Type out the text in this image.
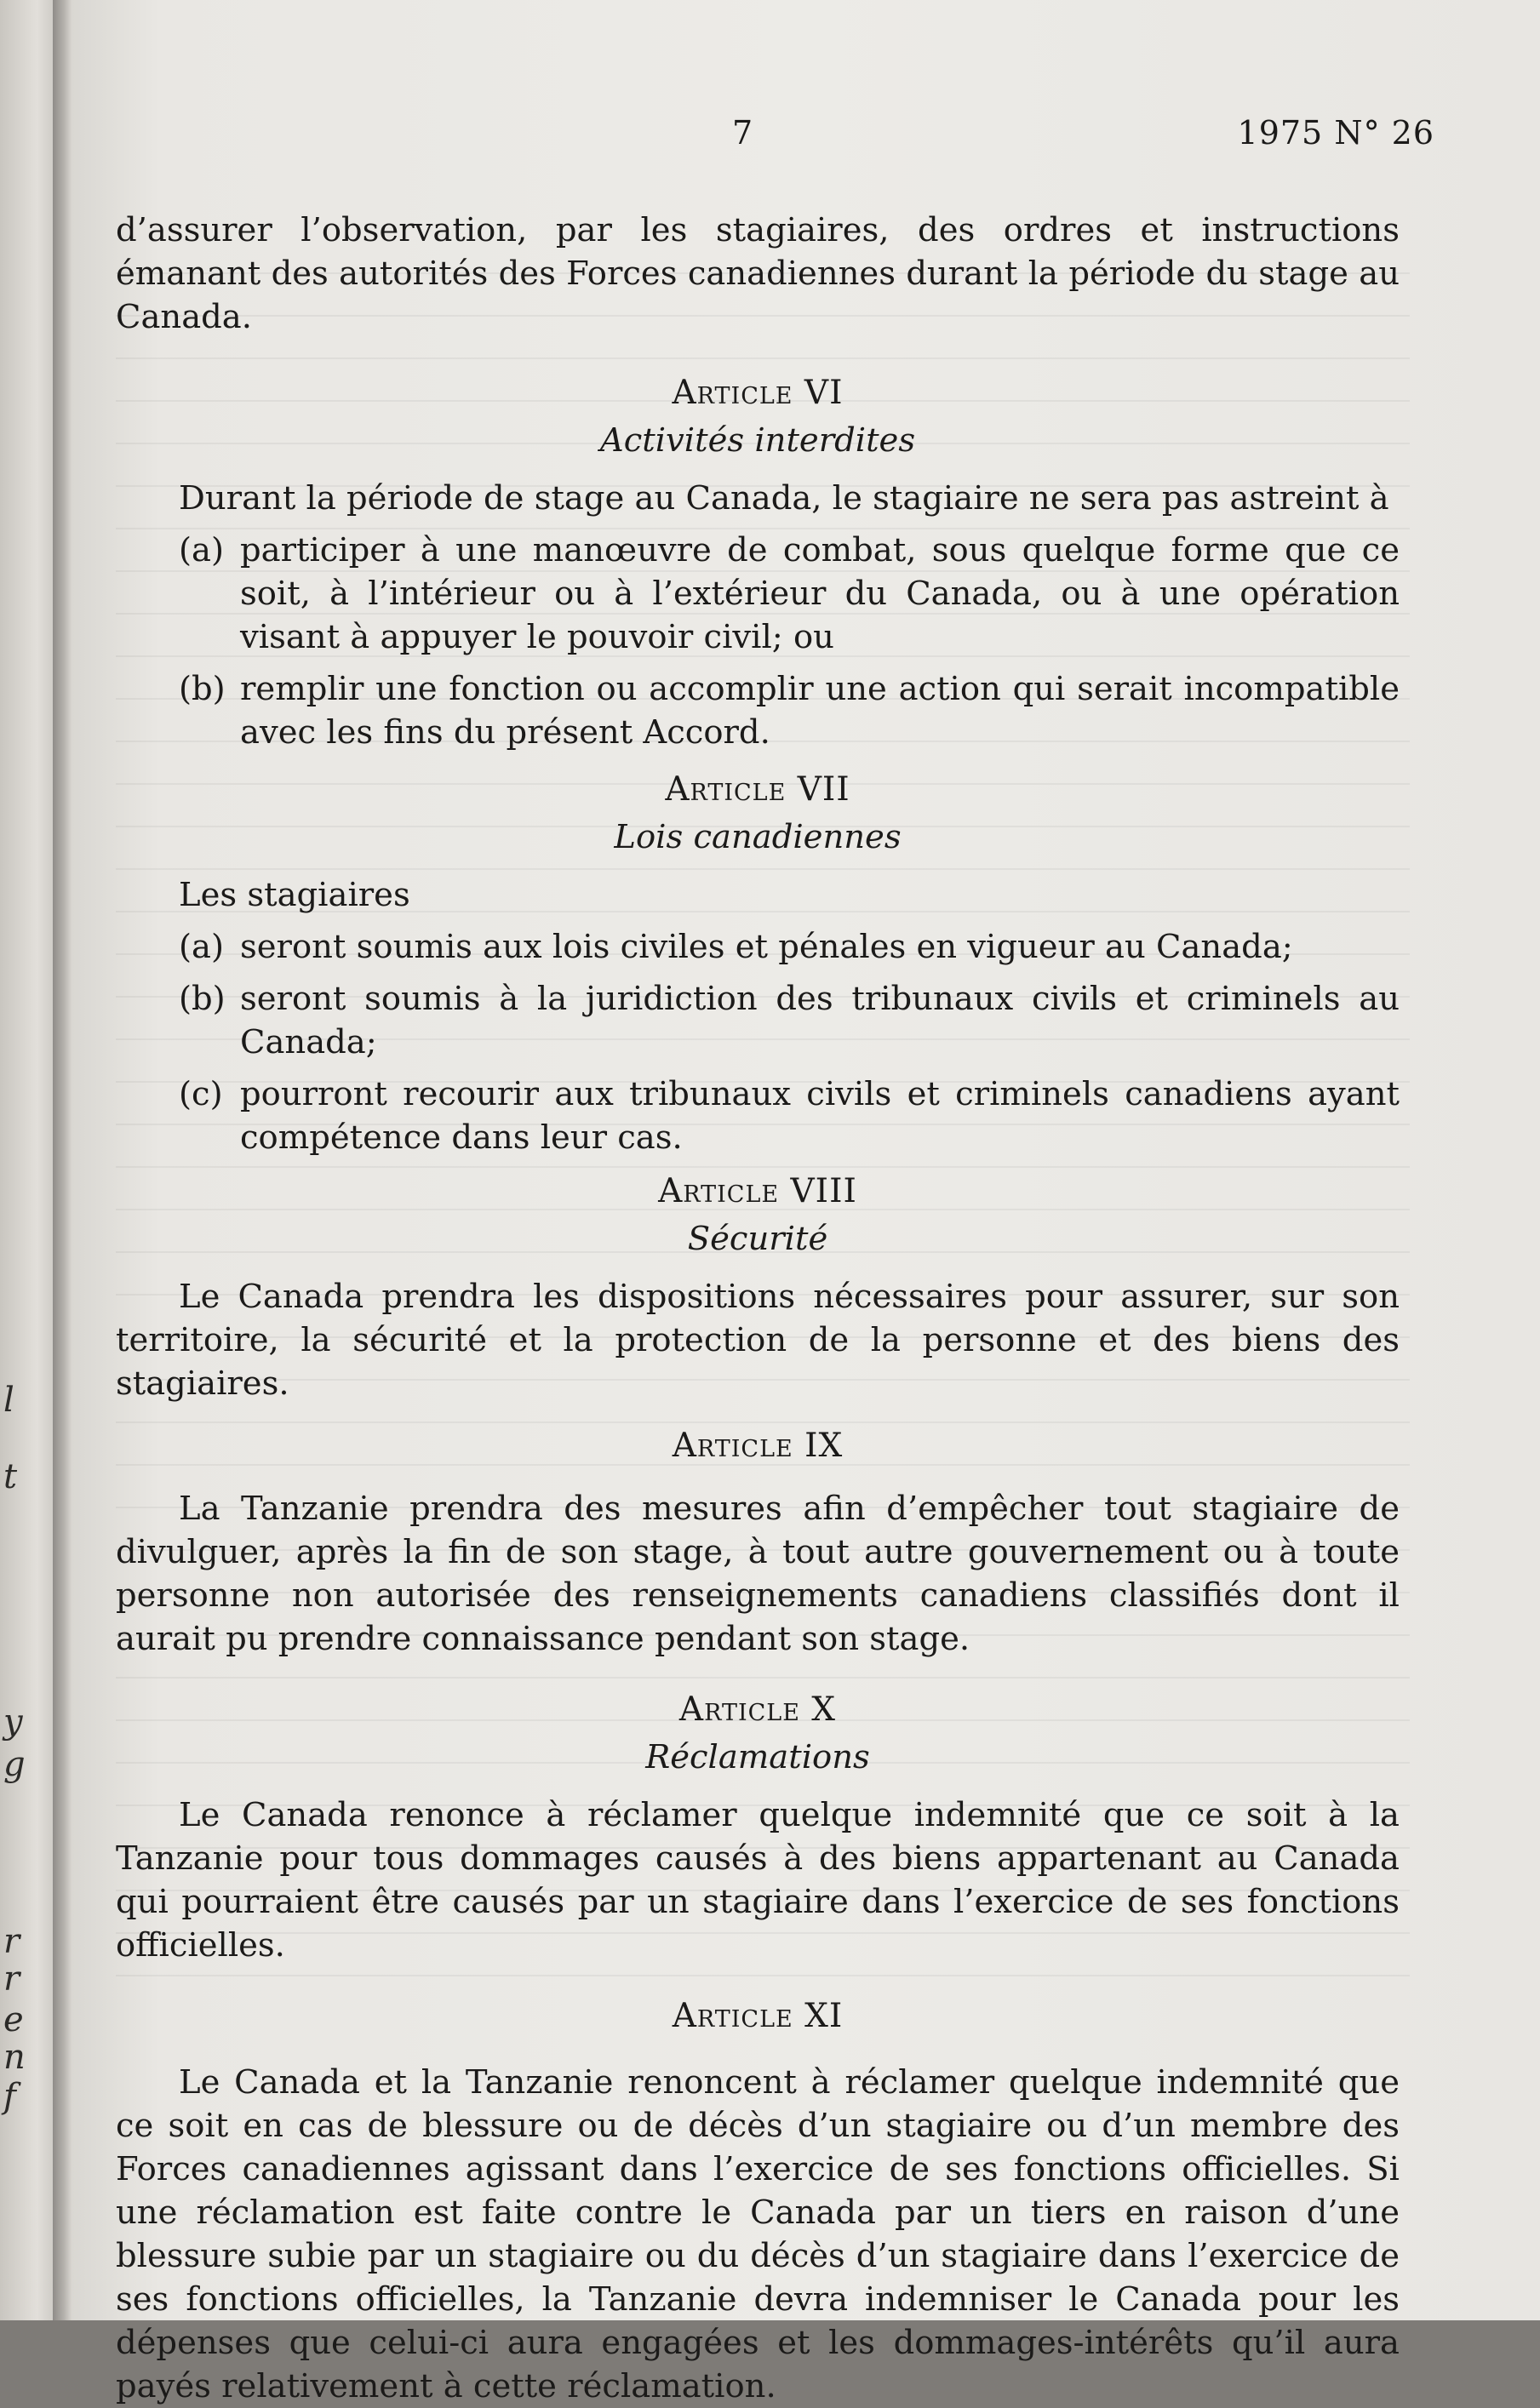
l
t
y
g
r
r
e
n
f
7	1975 N° 26

d’assurer l’observation, par les stagiaires, des ordres et instructions émanant des autorités des Forces canadiennes durant la période du stage au Canada.

Article VI
Activités interdites

Durant la période de stage au Canada, le stagiaire ne sera pas astreint à

(a) participer à une manœuvre de combat, sous quelque forme que ce soit, à l’intérieur ou à l’extérieur du Canada, ou à une opération visant à appuyer le pouvoir civil; ou
(b) remplir une fonction ou accomplir une action qui serait incompatible avec les fins du présent Accord.
Article VII
Lois canadiennes

Les stagiaires

(a) seront soumis aux lois civiles et pénales en vigueur au Canada;
(b) seront soumis à la juridiction des tribunaux civils et criminels au Canada;
(c) pourront recourir aux tribunaux civils et criminels canadiens ayant compétence dans leur cas.
Article VIII
Sécurité

Le Canada prendra les dispositions nécessaires pour assurer, sur son territoire, la sécurité et la protection de la personne et des biens des stagiaires.

Article IX

La Tanzanie prendra des mesures afin d’empêcher tout stagiaire de divulguer, après la fin de son stage, à tout autre gouvernement ou à toute personne non autorisée des renseignements canadiens classifiés dont il aurait pu prendre connaissance pendant son stage.

Article X
Réclamations

Le Canada renonce à réclamer quelque indemnité que ce soit à la Tanzanie pour tous dommages causés à des biens appartenant au Canada qui pourraient être causés par un stagiaire dans l’exercice de ses fonctions officielles.

Article XI

Le Canada et la Tanzanie renoncent à réclamer quelque indemnité que ce soit en cas de blessure ou de décès d’un stagiaire ou d’un membre des Forces canadiennes agissant dans l’exercice de ses fonctions officielles. Si une réclamation est faite contre le Canada par un tiers en raison d’une blessure subie par un stagiaire ou du décès d’un stagiaire dans l’exercice de ses fonctions officielles, la Tanzanie devra indemniser le Canada pour les dépenses que celui-ci aura engagées et les dommages-intérêts qu’il aura payés relativement à cette réclamation.
